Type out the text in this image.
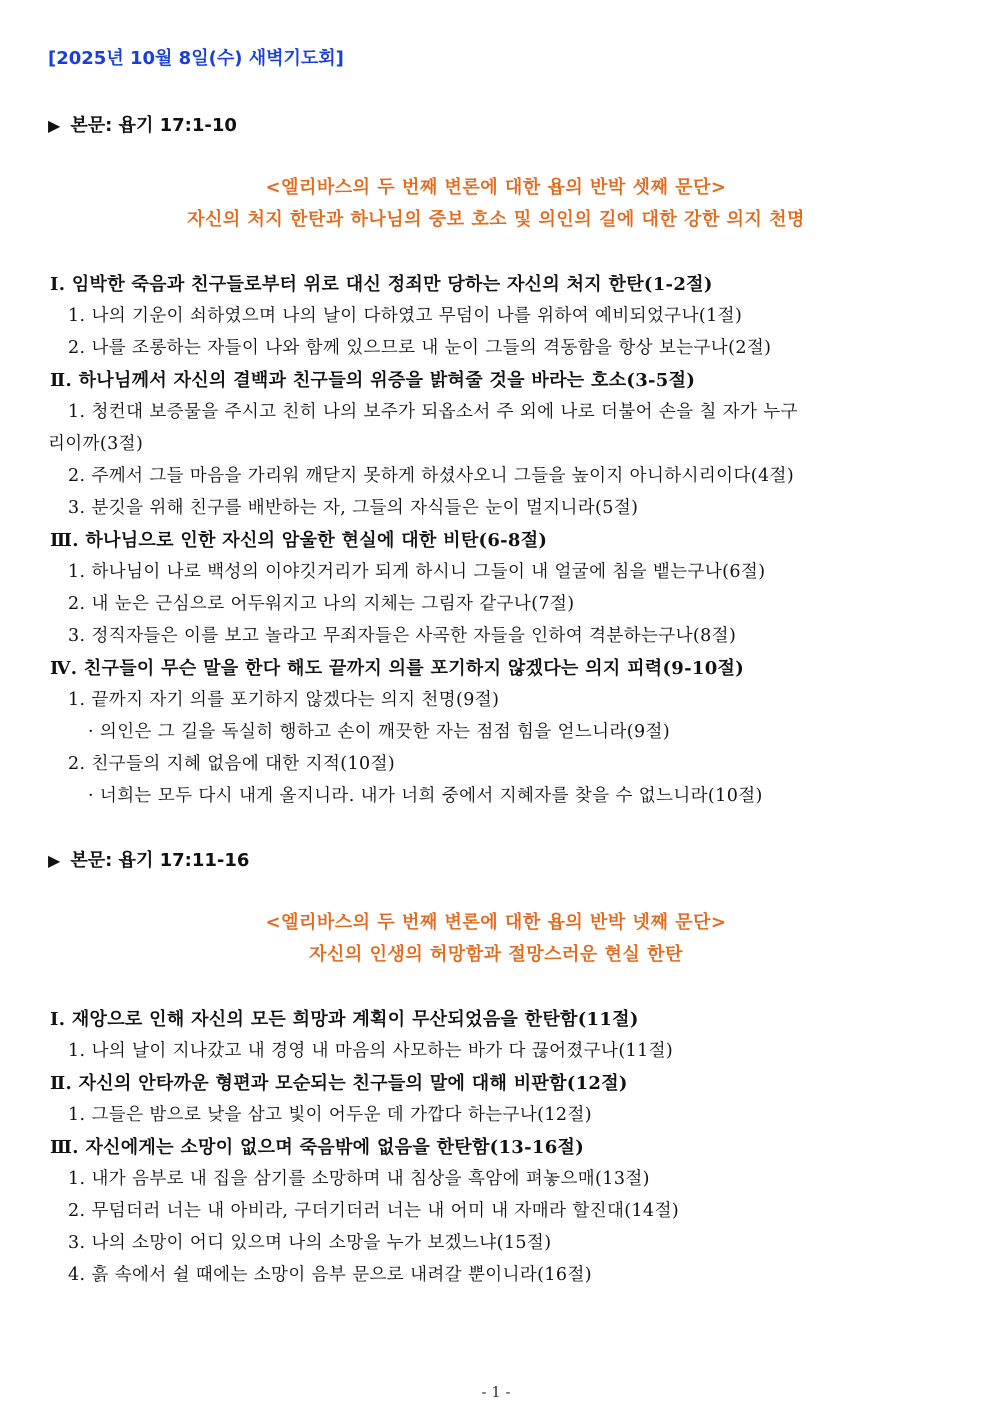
[2025년 10월 8일(수) 새벽기도회]
▶ 본문: 욥기 17:1-10
<엘리바스의 두 번째 변론에 대한 욥의 반박 셋째 문단>
자신의 처지 한탄과 하나님의 중보 호소 및 의인의 길에 대한 강한 의지 천명
Ⅰ. 임박한 죽음과 친구들로부터 위로 대신 정죄만 당하는 자신의 처지 한탄(1-2절)
1. 나의 기운이 쇠하였으며 나의 날이 다하였고 무덤이 나를 위하여 예비되었구나(1절)
2. 나를 조롱하는 자들이 나와 함께 있으므로 내 눈이 그들의 격동함을 항상 보는구나(2절)
Ⅱ. 하나님께서 자신의 결백과 친구들의 위증을 밝혀줄 것을 바라는 호소(3-5절)
1. 청컨대 보증물을 주시고 친히 나의 보주가 되옵소서 주 외에 나로 더불어 손을 칠 자가 누구
리이까(3절)
2. 주께서 그들 마음을 가리워 깨닫지 못하게 하셨사오니 그들을 높이지 아니하시리이다(4절)
3. 분깃을 위해 친구를 배반하는 자, 그들의 자식들은 눈이 멀지니라(5절)
Ⅲ. 하나님으로 인한 자신의 암울한 현실에 대한 비탄(6-8절)
1. 하나님이 나로 백성의 이야깃거리가 되게 하시니 그들이 내 얼굴에 침을 뱉는구나(6절)
2. 내 눈은 근심으로 어두워지고 나의 지체는 그림자 같구나(7절)
3. 정직자들은 이를 보고 놀라고 무죄자들은 사곡한 자들을 인하여 격분하는구나(8절)
Ⅳ. 친구들이 무슨 말을 한다 해도 끝까지 의를 포기하지 않겠다는 의지 피력(9-10절)
1. 끝까지 자기 의를 포기하지 않겠다는 의지 천명(9절)
· 의인은 그 길을 독실히 행하고 손이 깨끗한 자는 점점 힘을 얻느니라(9절)
2. 친구들의 지혜 없음에 대한 지적(10절)
· 너희는 모두 다시 내게 올지니라. 내가 너희 중에서 지혜자를 찾을 수 없느니라(10절)
▶ 본문: 욥기 17:11-16
<엘리바스의 두 번째 변론에 대한 욥의 반박 넷째 문단>
자신의 인생의 허망함과 절망스러운 현실 한탄
Ⅰ. 재앙으로 인해 자신의 모든 희망과 계획이 무산되었음을 한탄함(11절)
1. 나의 날이 지나갔고 내 경영 내 마음의 사모하는 바가 다 끊어졌구나(11절)
Ⅱ. 자신의 안타까운 형편과 모순되는 친구들의 말에 대해 비판함(12절)
1. 그들은 밤으로 낮을 삼고 빛이 어두운 데 가깝다 하는구나(12절)
Ⅲ. 자신에게는 소망이 없으며 죽음밖에 없음을 한탄함(13-16절)
1. 내가 음부로 내 집을 삼기를 소망하며 내 침상을 흑암에 펴놓으매(13절)
2. 무덤더러 너는 내 아비라, 구더기더러 너는 내 어미 내 자매라 할진대(14절)
3. 나의 소망이 어디 있으며 나의 소망을 누가 보겠느냐(15절)
4. 흙 속에서 쉴 때에는 소망이 음부 문으로 내려갈 뿐이니라(16절)
- 1 -
